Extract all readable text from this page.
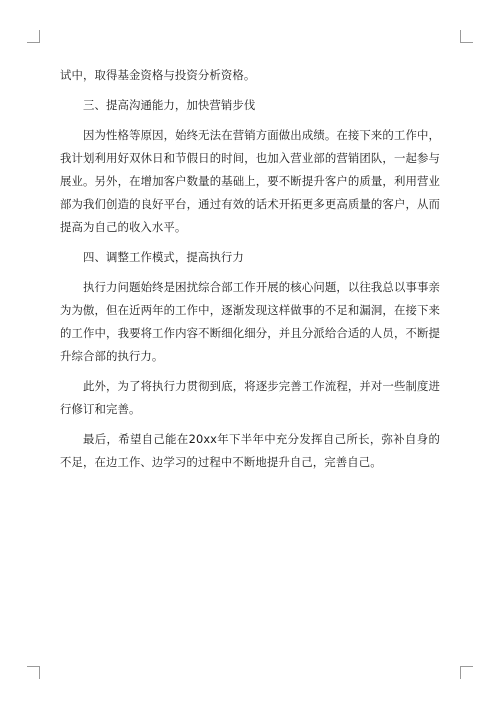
试中，取得基金资格与投资分析资格。

三、提高沟通能力，加快营销步伐

因为性格等原因，始终无法在营销方面做出成绩。在接下来的工作中，我计划利用好双休日和节假日的时间，也加入营业部的营销团队，一起参与展业。另外，在增加客户数量的基础上，要不断提升客户的质量，利用营业部为我们创造的良好平台，通过有效的话术开拓更多更高质量的客户，从而提高为自己的收入水平。

四、调整工作模式，提高执行力

执行力问题始终是困扰综合部工作开展的核心问题，以往我总以事事亲为为傲，但在近两年的工作中，逐渐发现这样做事的不足和漏洞，在接下来的工作中，我要将工作内容不断细化细分，并且分派给合适的人员，不断提升综合部的执行力。

此外，为了将执行力贯彻到底，将逐步完善工作流程，并对一些制度进行修订和完善。

最后，希望自己能在20xx年下半年中充分发挥自己所长，弥补自身的不足，在边工作、边学习的过程中不断地提升自己，完善自己。
